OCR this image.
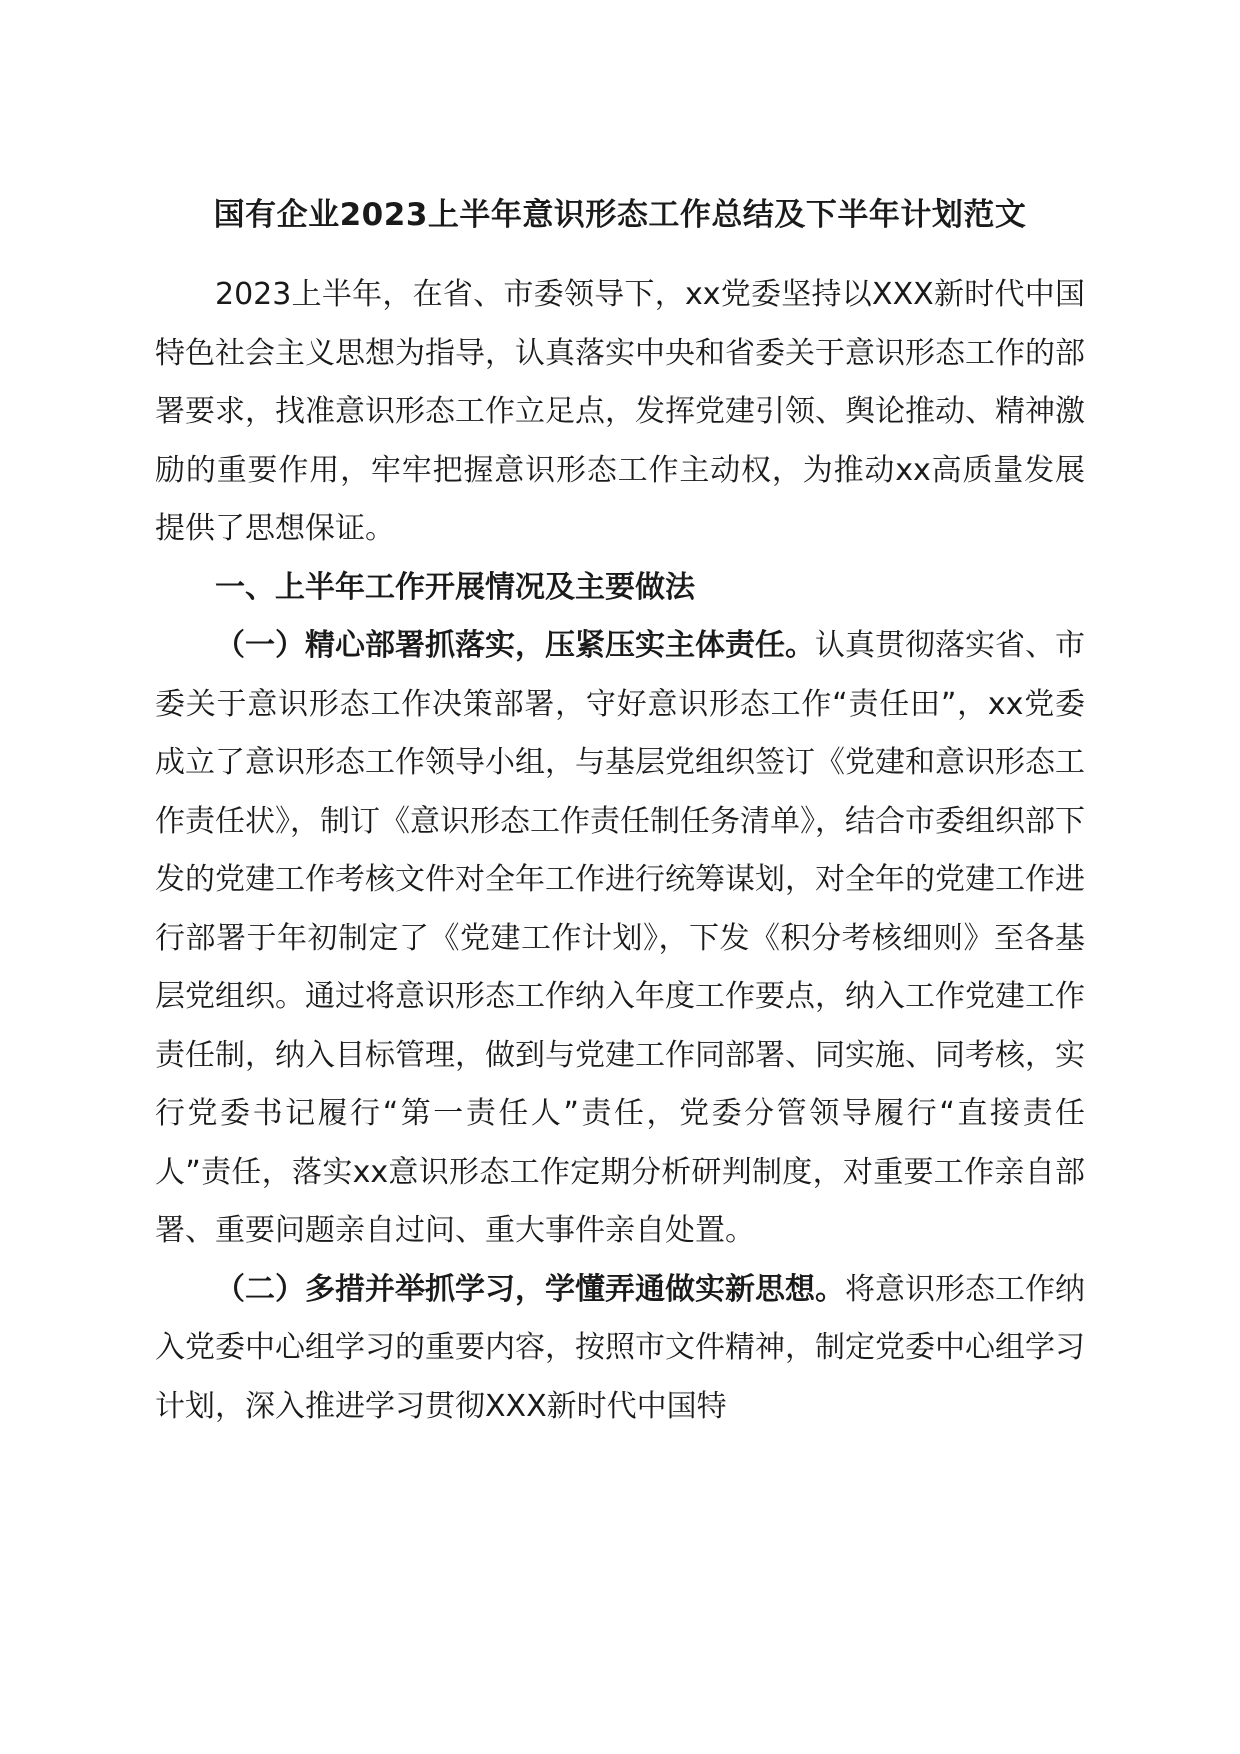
国有企业2023上半年意识形态工作总结及下半年计划范文

2023上半年，在省、市委领导下，xx党委坚持以XXX新时代中国特色社会主义思想为指导，认真落实中央和省委关于意识形态工作的部署要求，找准意识形态工作立足点，发挥党建引领、舆论推动、精神激励的重要作用，牢牢把握意识形态工作主动权，为推动xx高质量发展提供了思想保证。

一、上半年工作开展情况及主要做法

（一）精心部署抓落实，压紧压实主体责任。认真贯彻落实省、市委关于意识形态工作决策部署，守好意识形态工作“责任田”，xx党委成立了意识形态工作领导小组，与基层党组织签订《党建和意识形态工作责任状》，制订《意识形态工作责任制任务清单》，结合市委组织部下发的党建工作考核文件对全年工作进行统筹谋划，对全年的党建工作进行部署于年初制定了《党建工作计划》，下发《积分考核细则》至各基层党组织。通过将意识形态工作纳入年度工作要点，纳入工作党建工作责任制，纳入目标管理，做到与党建工作同部署、同实施、同考核，实行党委书记履行“第一责任人”责任，党委分管领导履行“直接责任人”责任，落实xx意识形态工作定期分析研判制度，对重要工作亲自部署、重要问题亲自过问、重大事件亲自处置。

（二）多措并举抓学习，学懂弄通做实新思想。将意识形态工作纳入党委中心组学习的重要内容，按照市文件精神，制定党委中心组学习计划，深入推进学习贯彻XXX新时代中国特
